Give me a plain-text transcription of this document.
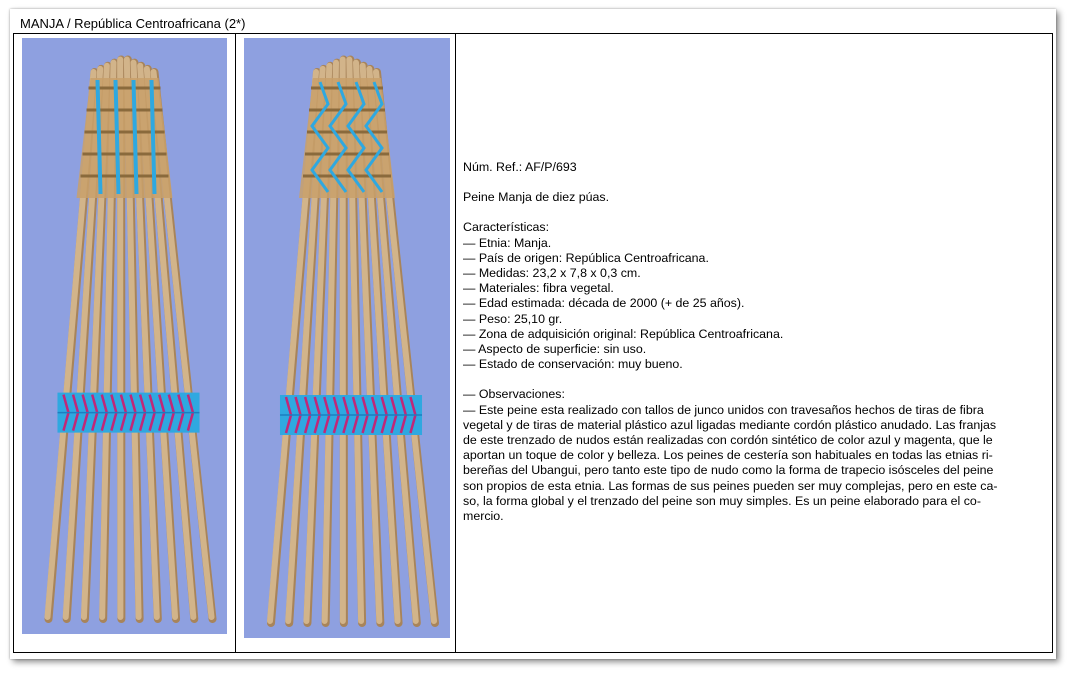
MANJA / República Centroafricana (2*)

Núm. Ref.: AF/P/693

Peine Manja de diez púas.

Características:

— Etnia: Manja.

— País de origen: República Centroafricana.

— Medidas: 23,2 x 7,8 x 0,3 cm.

— Materiales: fibra vegetal.

— Edad estimada: década de 2000 (+ de 25 años).

— Peso: 25,10 gr.

— Zona de adquisición original: República Centroafricana.

— Aspecto de superficie: sin uso.

— Estado de conservación: muy bueno.

— Observaciones:

— Este peine esta realizado con tallos de junco unidos con travesaños hechos de tiras de fibra

vegetal y de tiras de material plástico azul ligadas mediante cordón plástico anudado. Las franjas

de este trenzado de nudos están realizadas con cordón sintético de color azul y magenta, que le

aportan un toque de color y belleza. Los peines de cestería son habituales en todas las etnias ri-

bereñas del Ubangui, pero tanto este tipo de nudo como la forma de trapecio isósceles del peine

son propios de esta etnia. Las formas de sus peines pueden ser muy complejas, pero en este ca-

so, la forma global y el trenzado del peine son muy simples. Es un peine elaborado para el co-

mercio.
